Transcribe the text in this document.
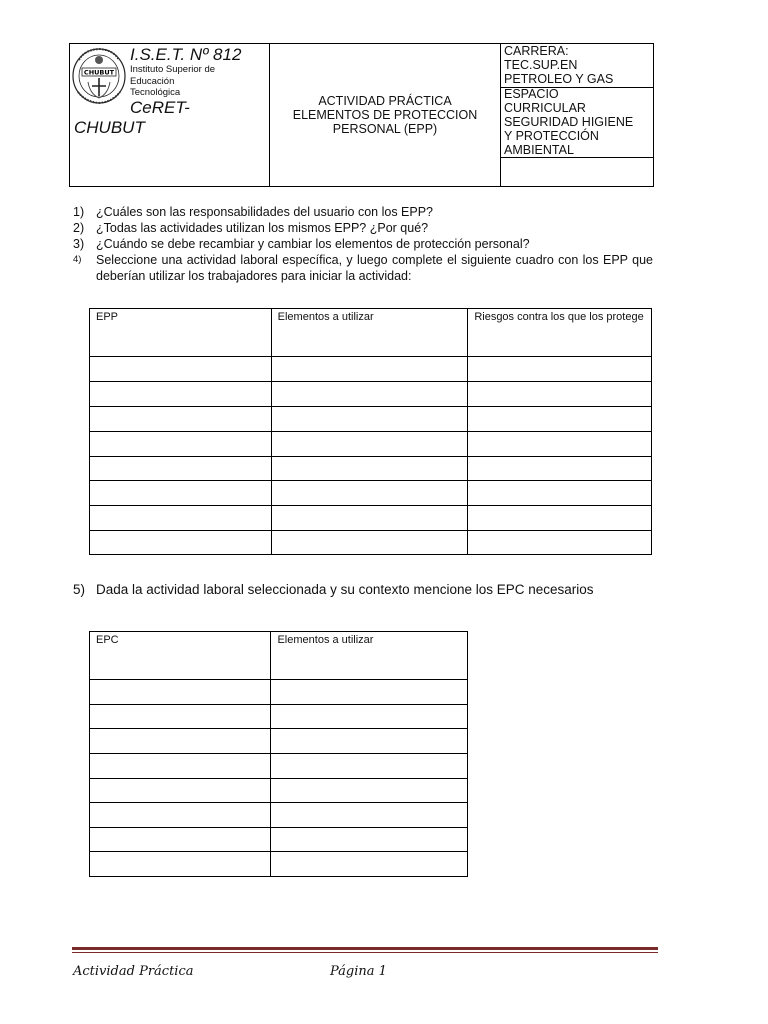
CHUBUT
I.S.E.T. Nº 812
Instituto Superior de
Educación
Tecnológica
CeRET-
CHUBUT
ACTIVIDAD PRÁCTICA
ELEMENTOS DE PROTECCION
PERSONAL (EPP)
CARRERA:
TEC.SUP.EN
PETROLEO Y GAS
ESPACIO
CURRICULAR
SEGURIDAD HIGIENE
Y PROTECCIÓN
AMBIENTAL
1) ¿Cuáles son las responsabilidades del usuario con los EPP?
2) ¿Todas las actividades utilizan los mismos EPP? ¿Por qué?
3) ¿Cuándo se debe recambiar y cambiar los elementos de protección personal?
4) Seleccione una actividad laboral específica, y luego complete el siguiente cuadro con los EPP que deberían utilizar los trabajadores para iniciar la actividad:
EPP	Elementos a utilizar	Riesgos contra los que los protege

5) Dada la actividad laboral seleccionada y su contexto mencione los EPC necesarios
EPC	Elementos a utilizar

Actividad Práctica	Página 1
